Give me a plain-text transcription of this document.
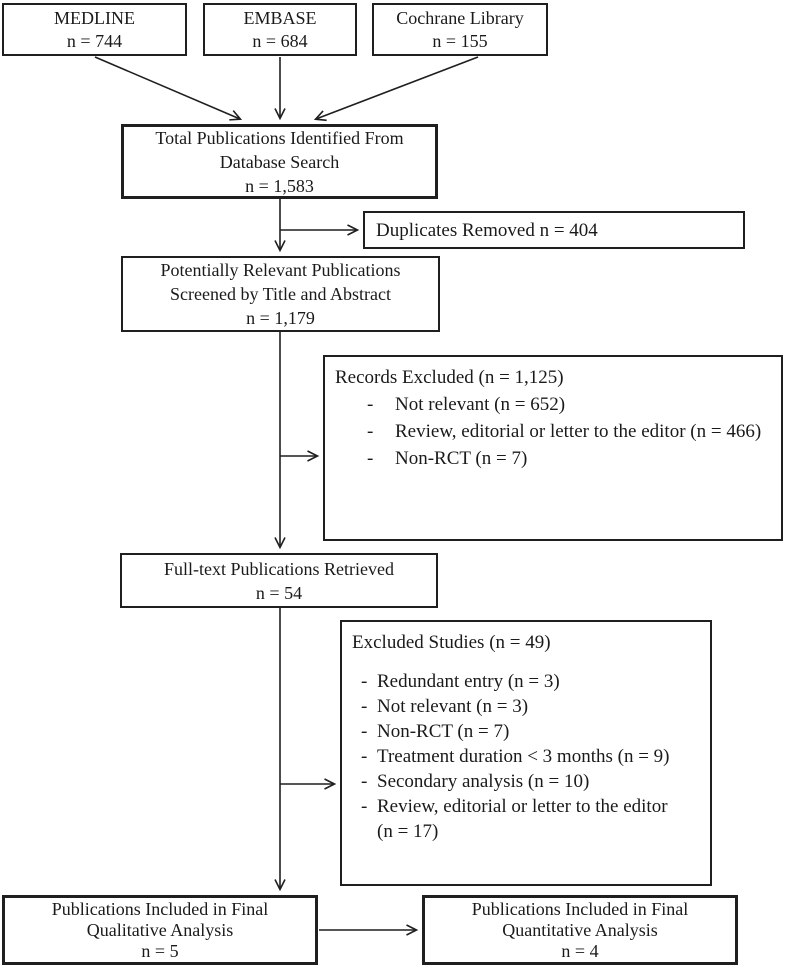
MEDLINE
n = 744
EMBASE
n = 684
Cochrane Library
n = 155
Total Publications Identified From
Database Search
n = 1,583
Duplicates Removed n = 404
Potentially Relevant Publications
Screened by Title and Abstract
n = 1,179
Records Excluded (n = 1,125)
-	Not relevant (n = 652)
-	Review, editorial or letter to the editor (n = 466)
-	Non-RCT (n = 7)
Full-text Publications Retrieved
n = 54
Excluded Studies (n = 49)
- Redundant entry (n = 3)
- Not relevant (n = 3)
- Non-RCT (n = 7)
- Treatment duration < 3 months (n = 9)
- Secondary analysis (n = 10)
- Review, editorial or letter to the editor
(n = 17)
Publications Included in Final
Qualitative Analysis
n = 5
Publications Included in Final
Quantitative Analysis
n = 4
